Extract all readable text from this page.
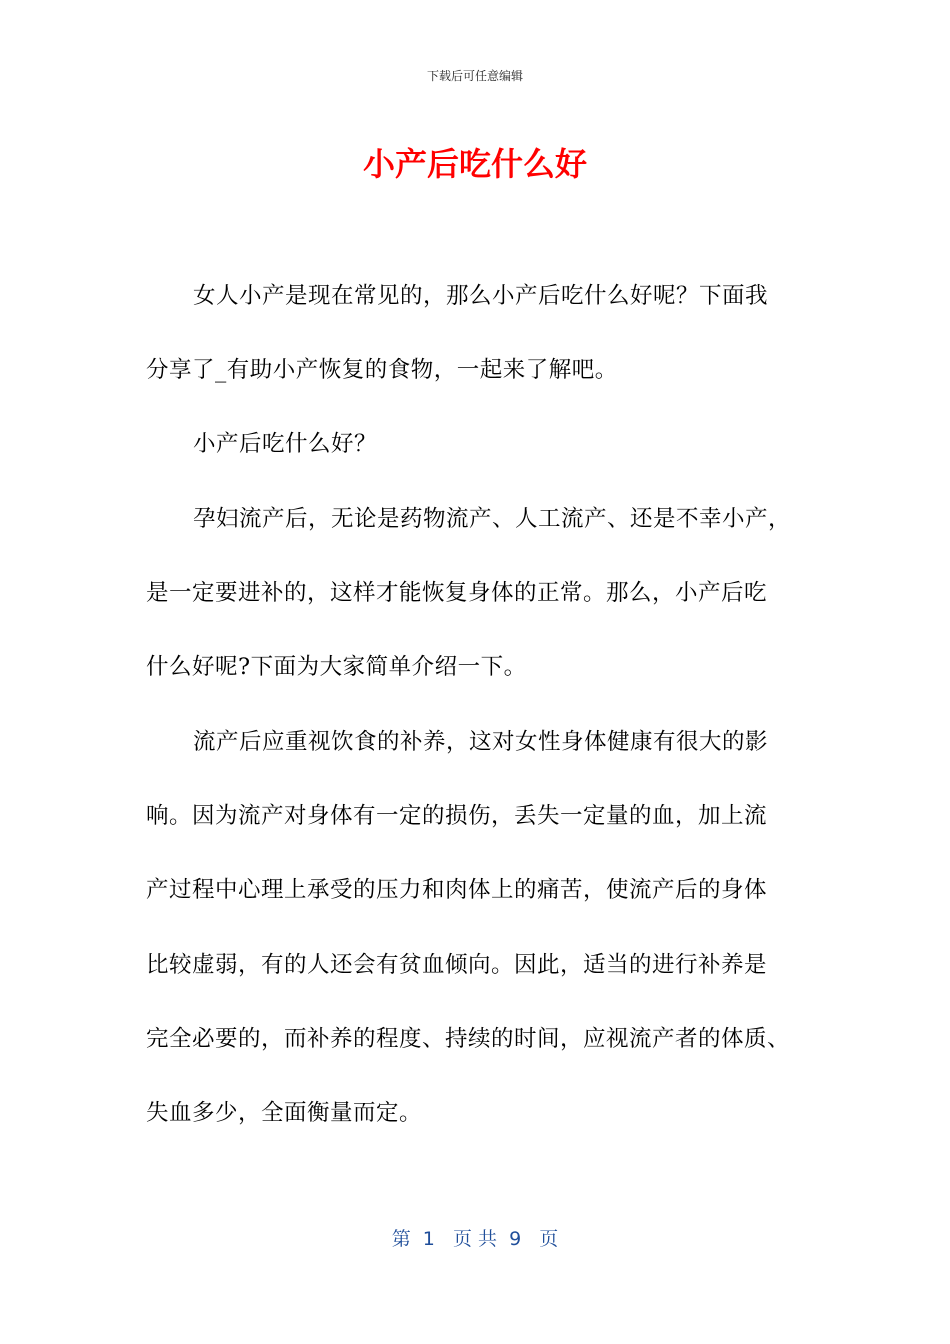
下载后可任意编辑
小产后吃什么好
女人小产是现在常见的，那么小产后吃什么好呢？下面我
分享了_有助小产恢复的食物，一起来了解吧。
小产后吃什么好？
孕妇流产后，无论是药物流产、人工流产、还是不幸小产，
是一定要进补的，这样才能恢复身体的正常。那么，小产后吃
什么好呢?下面为大家简单介绍一下。
流产后应重视饮食的补养，这对女性身体健康有很大的影
响。因为流产对身体有一定的损伤，丢失一定量的血，加上流
产过程中心理上承受的压力和肉体上的痛苦，使流产后的身体
比较虚弱，有的人还会有贫血倾向。因此，适当的进行补养是
完全必要的，而补养的程度、持续的时间，应视流产者的体质、
失血多少，全面衡量而定。
第  1   页 共  9   页
